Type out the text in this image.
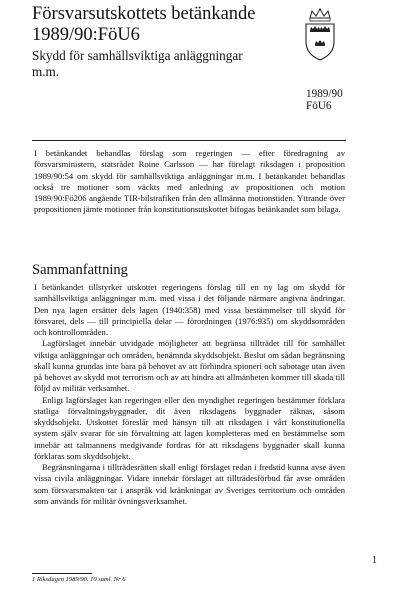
Försvarsutskottets betänkande
1989/90:FöU6
Skydd för samhällsviktiga anläggningar
m.m.
1989/90
FöU6
I betänkandet behandlas förslag som regeringen — efter föredragning av försvarsministern, statsrådet Roine Carlsson — har förelagt riksdagen i proposition 1989/90:54 om skydd för samhällsviktiga anläggningar m.m. I betänkandet behandlas också tre motioner som väckts med anledning av propositionen och motion 1989/90:Fö206 angående TIR-bilstrafiken från den allmänna motionstiden. Yttrande över propositionen jämte motioner från konstitutionsutskottet bifogas betänkandet som bilaga.
Sammanfattning

I betänkandet tillstyrker utskottet regeringens förslag till en ny lag om skydd för samhällsviktiga anläggningar m.m. med vissa i det följande närmare angivna ändringar. Den nya lagen ersätter dels lagen (1940:358) med vissa bestämmelser till skydd för försvaret, dels — till principiella delar — förordningen (1976:935) om skyddsområden och kontrollområden.

Lagförslaget innebär utvidgade möjligheter att begränsa tillträdet till för samhället viktiga anläggningar och områden, benämnda skyddsobjekt. Beslut om sådan begränsning skall kunna grundas inte bara på behovet av att förhindra spioneri och sabotage utan även på behovet av skydd mot terrorism och av att hindra att allmänheten kommer till skada till följd av militär verksamhet.

Enligt lagförslaget kan regeringen eller den myndighet regeringen bestämmer förklara statliga förvaltningsbyggnader, dit även riksdagens byggnader räknas, såsom skyddsobjekt. Utskottet föreslår med hänsyn till att riksdagen i vårt konstitutionella system själv svarar för sin förvaltning att lagen kompletteras med en bestämmelse som innebär att talmannens medgivande fordras för att riksdagens byggnader skall kunna förklaras som skyddsobjekt.

Begränsningarna i tillträdesrätten skall enligt förslaget redan i fredstid kunna avse även vissa civila anläggningar. Vidare innebär förslaget att tillträdesförbud får avse områden som försvarsmakten tar i anspråk vid kränkningar av Sveriges territorium och områden som används för militär övningsverksamhet.

1
1 Riksdagen 1989/90. 10 saml. Nr 6
